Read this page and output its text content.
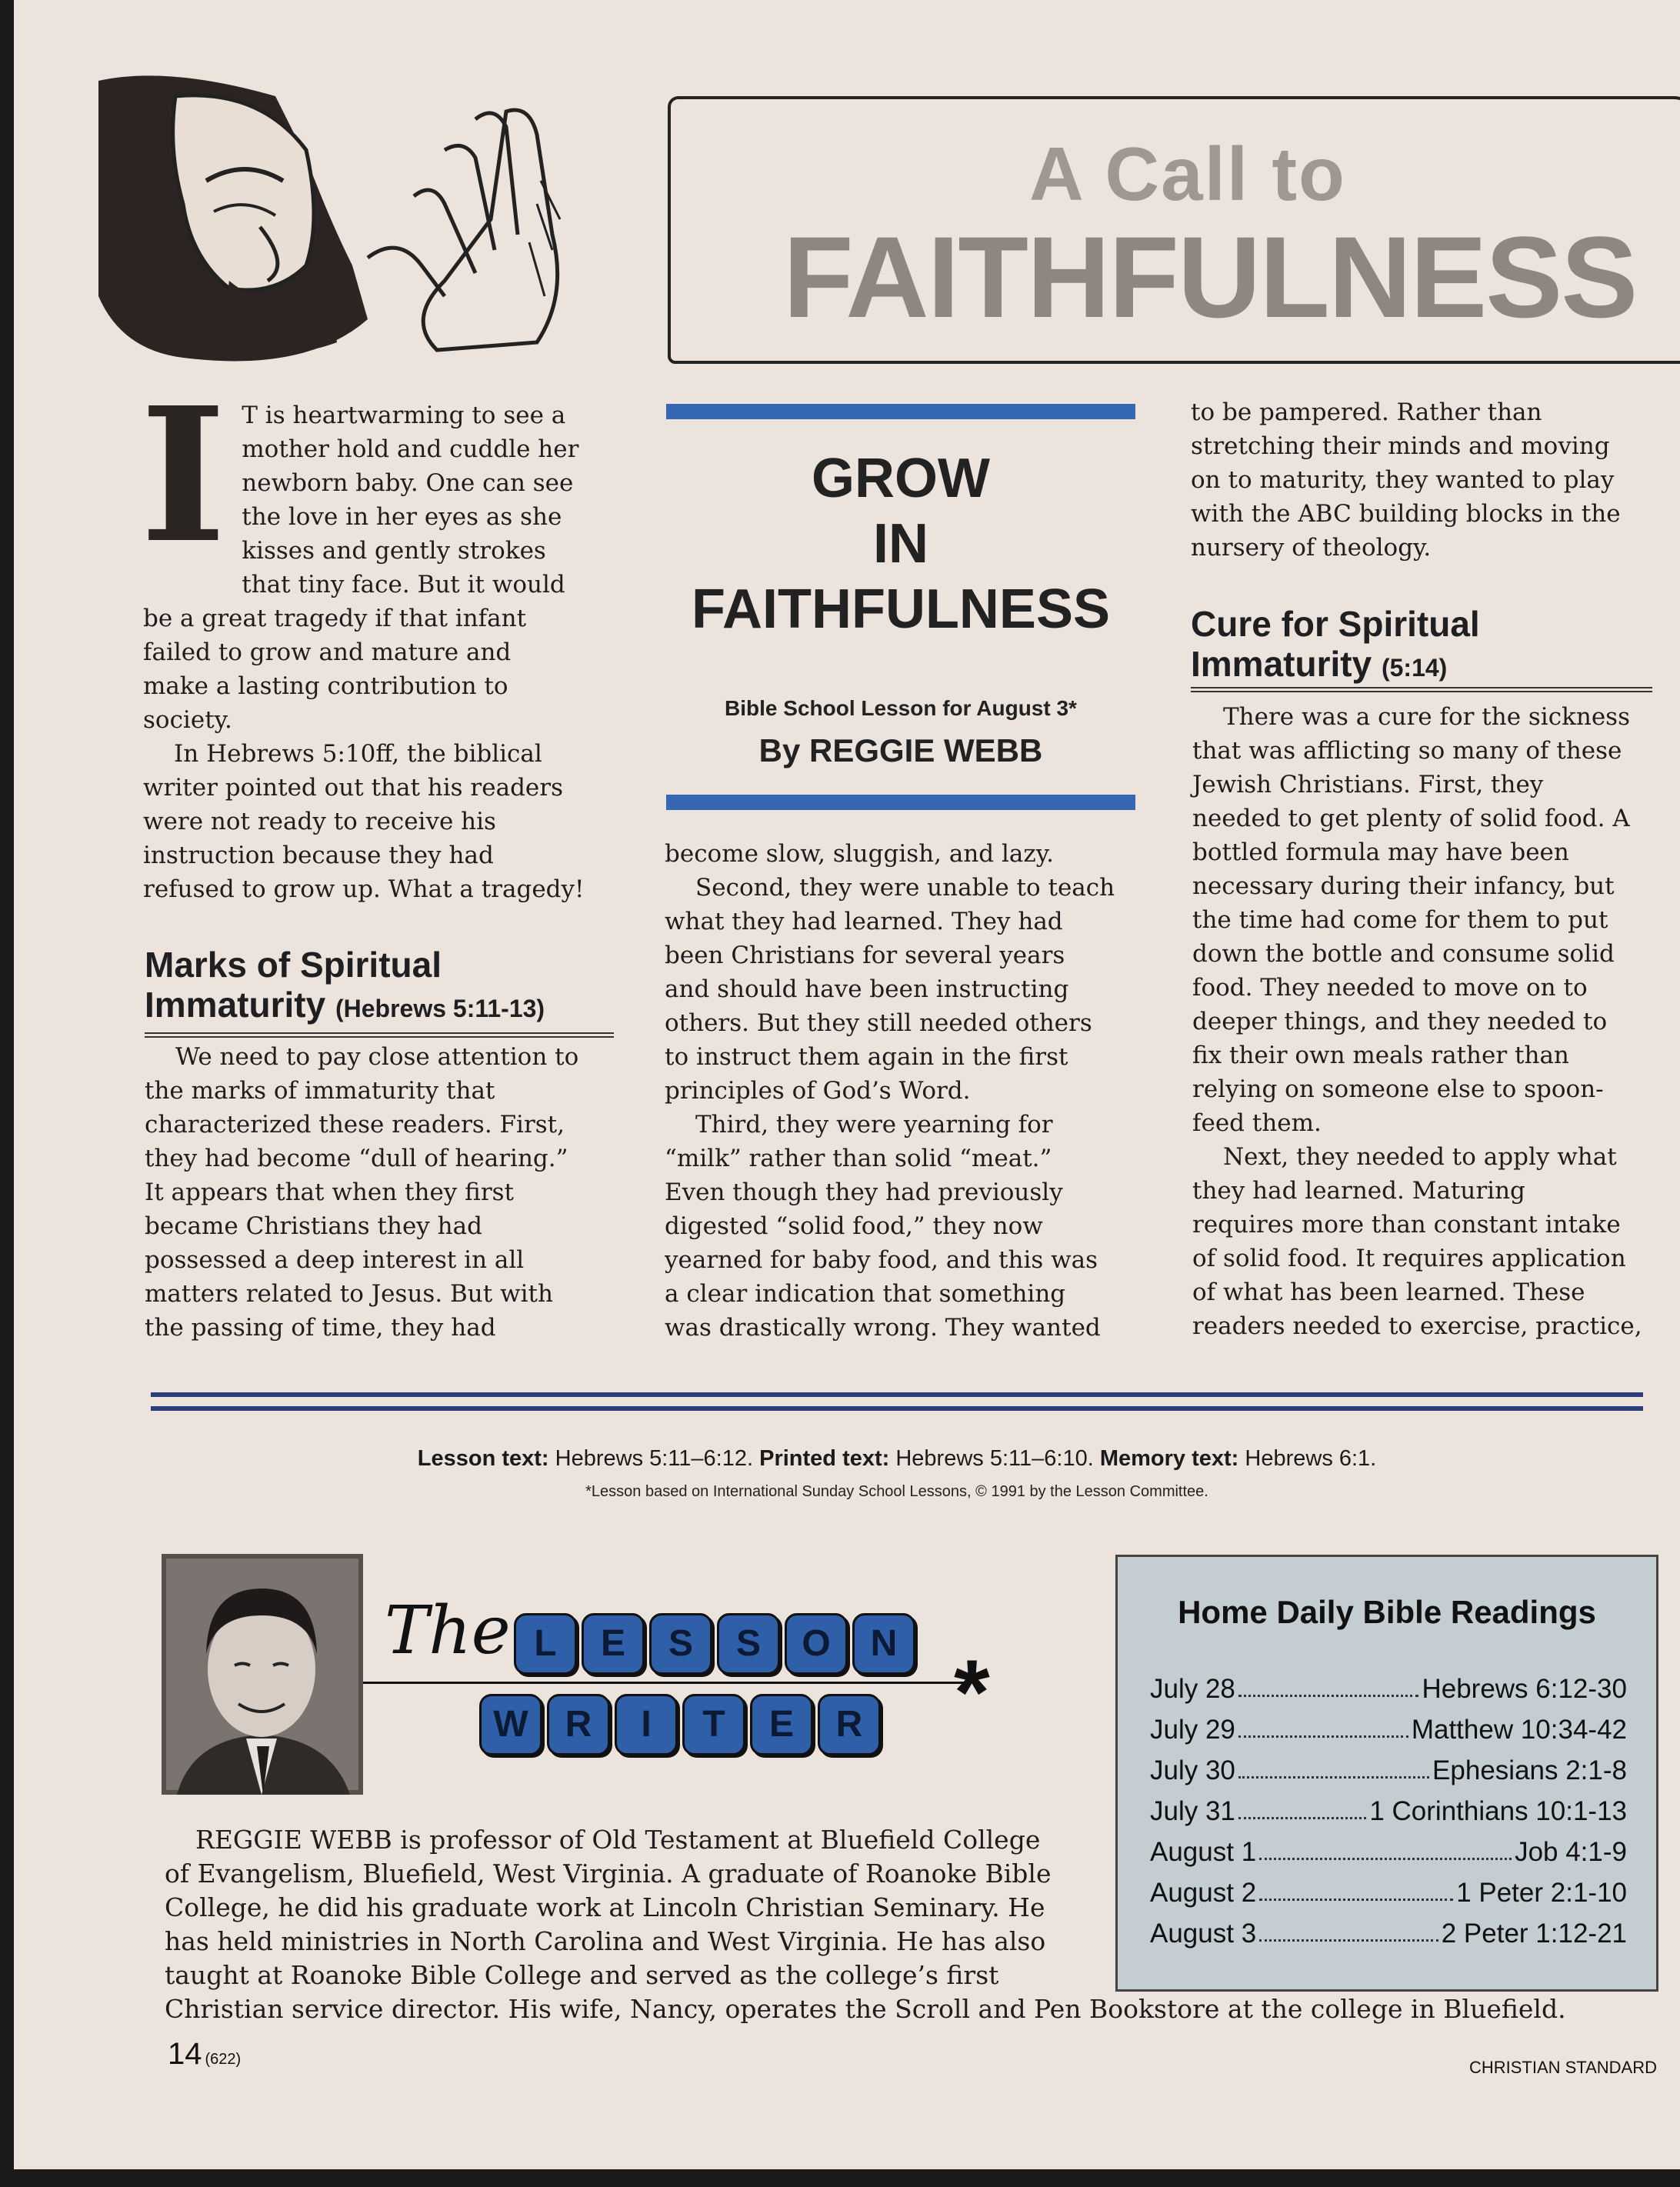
A Call to
FAITHFULNESS
I T is heartwarming to see a
mother hold and cuddle her
newborn baby. One can see
the love in her eyes as she
kisses and gently strokes
that tiny face. But it would
be a great tragedy if that infant
failed to grow and mature and
make a lasting contribution to
society.
In Hebrews 5:10ff, the biblical
writer pointed out that his readers
were not ready to receive his
instruction because they had
refused to grow up. What a tragedy!
Marks of Spiritual
Immaturity (Hebrews 5:11-13)
We need to pay close attention to
the marks of immaturity that
characterized these readers. First,
they had become “dull of hearing.”
It appears that when they first
became Christians they had
possessed a deep interest in all
matters related to Jesus. But with
the passing of time, they had
GROW
IN
FAITHFULNESS
Bible School Lesson for August 3*
By REGGIE WEBB
become slow, sluggish, and lazy.
Second, they were unable to teach
what they had learned. They had
been Christians for several years
and should have been instructing
others. But they still needed others
to instruct them again in the first
principles of God’s Word.
Third, they were yearning for
“milk” rather than solid “meat.”
Even though they had previously
digested “solid food,” they now
yearned for baby food, and this was
a clear indication that something
was drastically wrong. They wanted
to be pampered. Rather than
stretching their minds and moving
on to maturity, they wanted to play
with the ABC building blocks in the
nursery of theology.
Cure for Spiritual
Immaturity (5:14)
There was a cure for the sickness
that was afflicting so many of these
Jewish Christians. First, they
needed to get plenty of solid food. A
bottled formula may have been
necessary during their infancy, but
the time had come for them to put
down the bottle and consume solid
food. They needed to move on to
deeper things, and they needed to
fix their own meals rather than
relying on someone else to spoon-
feed them.
Next, they needed to apply what
they had learned. Maturing
requires more than constant intake
of solid food. It requires application
of what has been learned. These
readers needed to exercise, practice,
Lesson text: Hebrews 5:11–6:12. Printed text: Hebrews 5:11–6:10. Memory text: Hebrews 6:1.
*Lesson based on International Sunday School Lessons, © 1991 by the Lesson Committee.
The L E S S O N
W R I T E R *
REGGIE WEBB is professor of Old Testament at Bluefield College
of Evangelism, Bluefield, West Virginia. A graduate of Roanoke Bible
College, he did his graduate work at Lincoln Christian Seminary. He
has held ministries in North Carolina and West Virginia. He has also
taught at Roanoke Bible College and served as the college’s first
Christian service director. His wife, Nancy, operates the Scroll and Pen Bookstore at the college in Bluefield.
Home Daily Bible Readings
July 28	Hebrews 6:12-30
July 29	Matthew 10:34-42
July 30	Ephesians 2:1-8
July 31	1 Corinthians 10:1-13
August 1	Job 4:1-9
August 2	1 Peter 2:1-10
August 3	2 Peter 1:12-21
14 (622)	CHRISTIAN STANDARD
